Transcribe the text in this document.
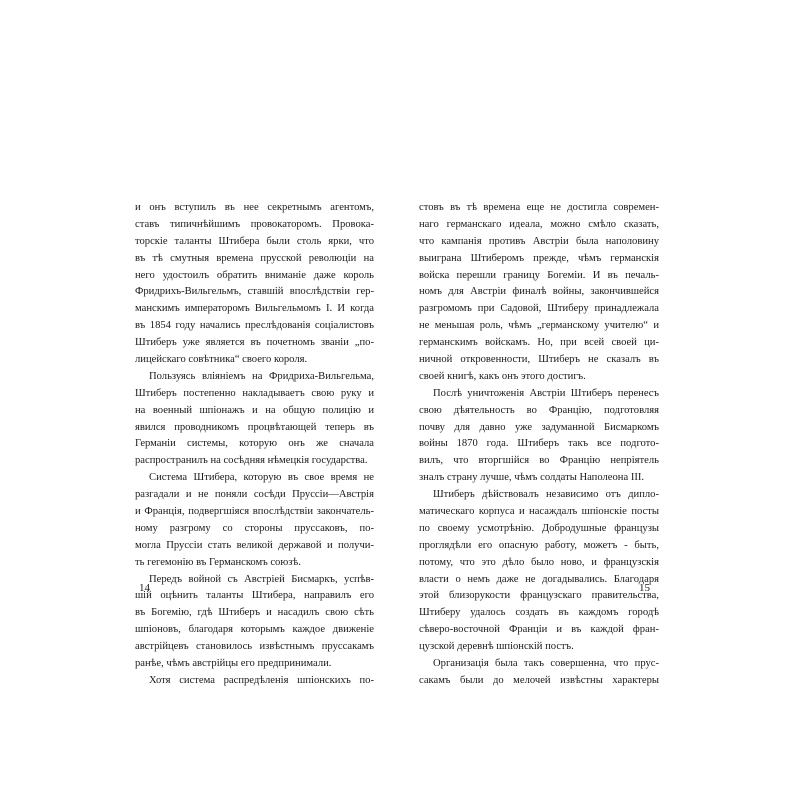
и онъ вступилъ въ нее секретнымъ агентомъ,
ставъ типичнѣйшимъ провокаторомъ. Провока-
торскіе таланты Штибера были столь ярки, что
въ тѣ смутныя времена прусской революціи на
него удостоилъ обратить вниманіе даже король
Фридрихъ-Вильгельмъ, ставшій впослѣдствіи гер-
манскимъ императоромъ Вильгельмомъ I. И когда
въ 1854 году начались преслѣдованія соціалистовъ
Штиберъ уже является въ почетномъ званіи „по-
лицейскаго совѣтника“ своего короля.
Пользуясь вліяніемъ на Фридриха-Вильгельма,
Штиберъ постепенно накладываетъ свою руку и
на военный шпіонажъ и на общую полицію и
явился проводникомъ процвѣтающей теперь въ
Германіи системы, которую онъ же сначала
распространилъ на сосѣдняя нѣмецкія государства.
Система Штибера, которую въ свое время не
разгадали и не поняли сосѣди Пруссіи—Австрія
и Франція, подвергшіяся впослѣдствіи закончатель-
ному разгрому со стороны пруссаковъ, по-
могла Пруссіи стать великой державой и получи-
ть гегемонію въ Германскомъ союзѣ.
Передъ войной съ Австріей Бисмаркъ, успѣв-
шій оцѣнить таланты Штибера, направилъ его
въ Богемію, гдѣ Штиберъ и насадилъ свою сѣть
шпіоновъ, благодаря которымъ каждое движеніе
австрійцевъ становилось извѣстнымъ пруссакамъ
ранѣе, чѣмъ австрійцы его предпринимали.
Хотя система распредѣленія шпіонскихъ по-
14
стовъ въ тѣ времена еще не достигла современ-
наго германскаго идеала, можно смѣло сказать,
что кампанія противъ Австріи была наполовину
выиграна Штиберомъ прежде, чѣмъ германскія
войска перешли границу Богеміи. И въ печаль-
номъ для Австріи финалѣ войны, закончившейся
разгромомъ при Садовой, Штиберу принадлежала
не меньшая роль, чѣмъ „германскому учителю“ и
германскимъ войскамъ. Но, при всей своей ци-
ничной откровенности, Штиберъ не сказалъ въ
своей книгѣ, какъ онъ этого достигъ.
Послѣ уничтоженія Австріи Штиберъ перенесъ
свою дѣятельность во Францію, подготовляя
почву для давно уже задуманной Бисмаркомъ
войны 1870 года. Штиберъ такъ все подгото-
вилъ, что вторгшійся во Францію непріятель
зналъ страну лучше, чѣмъ солдаты Наполеона III.
Штиберъ дѣйствовалъ независимо отъ дипло-
матическаго корпуса и насаждалъ шпіонскіе посты
по своему усмотрѣнію. Добродушные французы
проглядѣли его опасную работу, можетъ - быть,
потому, что это дѣло было ново, и французскія
власти о немъ даже не догадывались. Благодаря
этой близорукости французскаго правительства,
Штиберу удалось создать въ каждомъ городѣ
сѣверо-восточной Франціи и въ каждой фран-
цузской деревнѣ шпіонскій постъ.
Организація была такъ совершенна, что прус-
сакамъ были до мелочей извѣстны характеры
15
